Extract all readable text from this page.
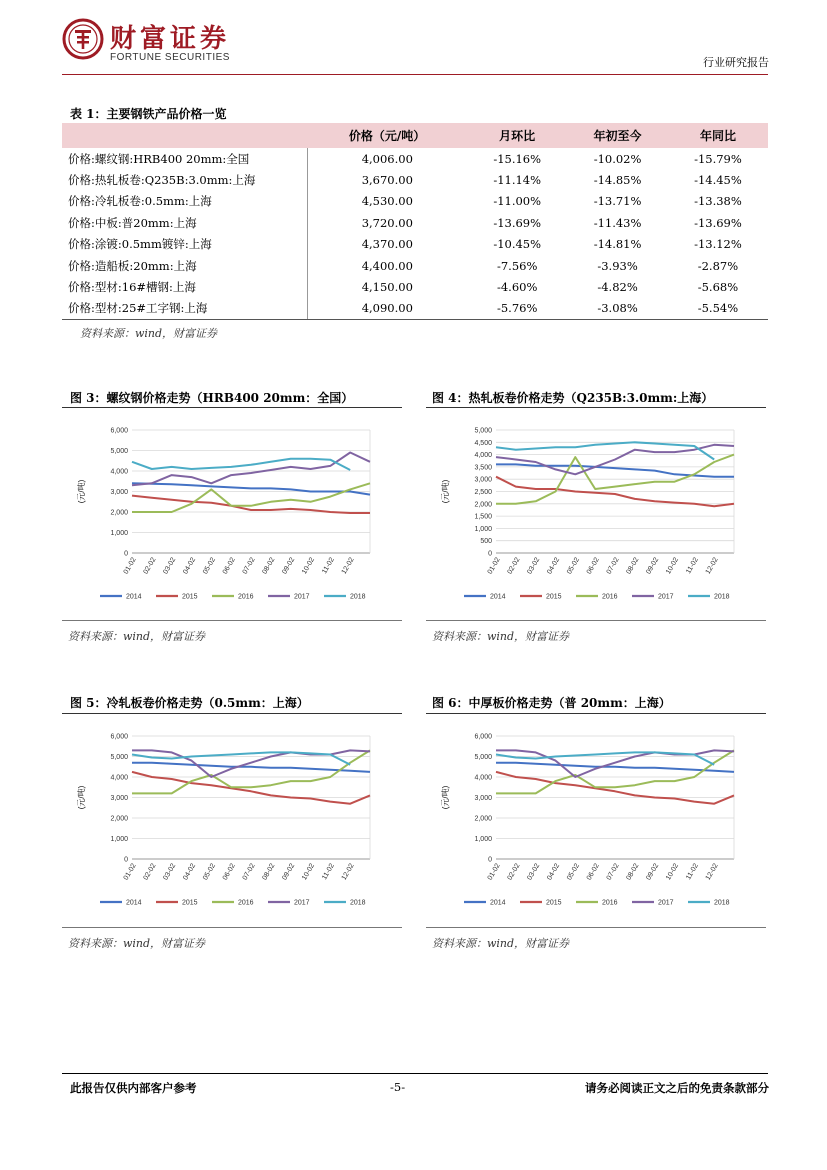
财富证券
FORTUNE SECURITIES	行业研究报告
表 1：主要钢铁产品价格一览
	价格（元/吨）	月环比	年初至今	年同比
价格:螺纹钢:HRB400 20mm:全国	4,006.00	-15.16%	-10.02%	-15.79%
价格:热轧板卷:Q235B:3.0mm:上海	3,670.00	-11.14%	-14.85%	-14.45%
价格:冷轧板卷:0.5mm:上海	4,530.00	-11.00%	-13.71%	-13.38%
价格:中板:普20mm:上海	3,720.00	-13.69%	-11.43%	-13.69%
价格:涂镀:0.5mm镀锌:上海	4,370.00	-10.45%	-14.81%	-13.12%
价格:造船板:20mm:上海	4,400.00	-7.56%	-3.93%	-2.87%
价格:型材:16#槽钢:上海	4,150.00	-4.60%	-4.82%	-5.68%
价格:型材:25#工字钢:上海	4,090.00	-5.76%	-3.08%	-5.54%
资料来源：wind，财富证券
图 3：螺纹钢价格走势（HRB400 20mm：全国）
(元/吨)
0
1,000
2,000
3,000
4,000
5,000
6,000
01-02 02-02 03-02 04-02 05-02 06-02 07-02 08-02 09-02 10-02 11-02 12-02
2014	2015	2016	2017	2018
资料来源：wind，财富证券
图 4：热轧板卷价格走势（Q235B:3.0mm:上海）
(元/吨)
0
500
1,000
1,500
2,000
2,500
3,000
3,500
4,000
4,500
5,000
01-02 02-02 03-02 04-02 05-02 06-02 07-02 08-02 09-02 10-02 11-02 12-02
2014	2015	2016	2017	2018
资料来源：wind，财富证券
图 5：冷轧板卷价格走势（0.5mm：上海）
(元/吨)
0
1,000
2,000
3,000
4,000
5,000
6,000
01-02 02-02 03-02 04-02 05-02 06-02 07-02 08-02 09-02 10-02 11-02 12-02
2014	2015	2016	2017	2018
资料来源：wind，财富证券
图 6：中厚板价格走势（普 20mm：上海）
(元/吨)
0
1,000
2,000
3,000
4,000
5,000
6,000
01-02 02-02 03-02 04-02 05-02 06-02 07-02 08-02 09-02 10-02 11-02 12-02
2014	2015	2016	2017	2018
资料来源：wind，财富证券
此报告仅供内部客户参考	-5-	请务必阅读正文之后的免责条款部分
